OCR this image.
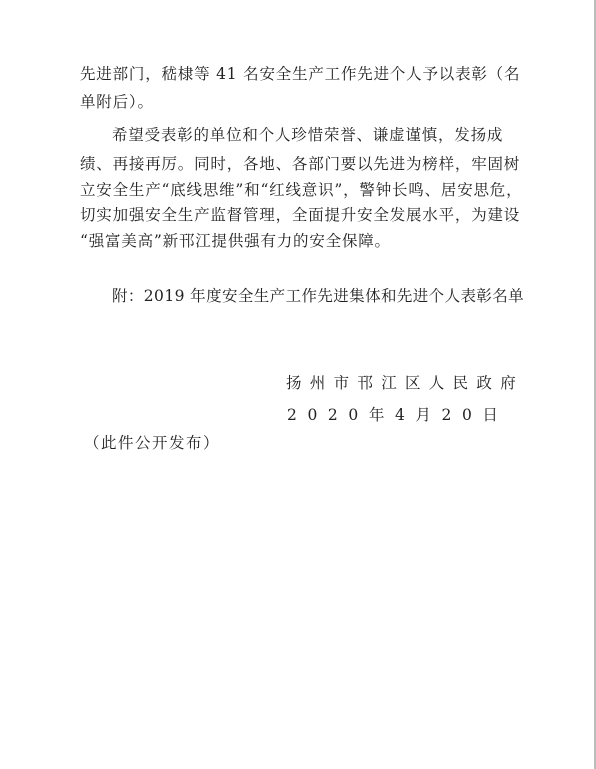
先进部门，嵇棣等 41 名安全生产工作先进个人予以表彰（名
单附后）。
希望受表彰的单位和个人珍惜荣誉、谦虚谨慎，发扬成
绩、再接再厉。同时，各地、各部门要以先进为榜样，牢固树
立安全生产“底线思维”和“红线意识”，警钟长鸣、居安思危，
切实加强安全生产监督管理，全面提升安全发展水平，为建设
“强富美高”新邗江提供强有力的安全保障。
附：2019 年度安全生产工作先进集体和先进个人表彰名单
扬州市邗江区人民政府
2020年4月20日
（此件公开发布）
